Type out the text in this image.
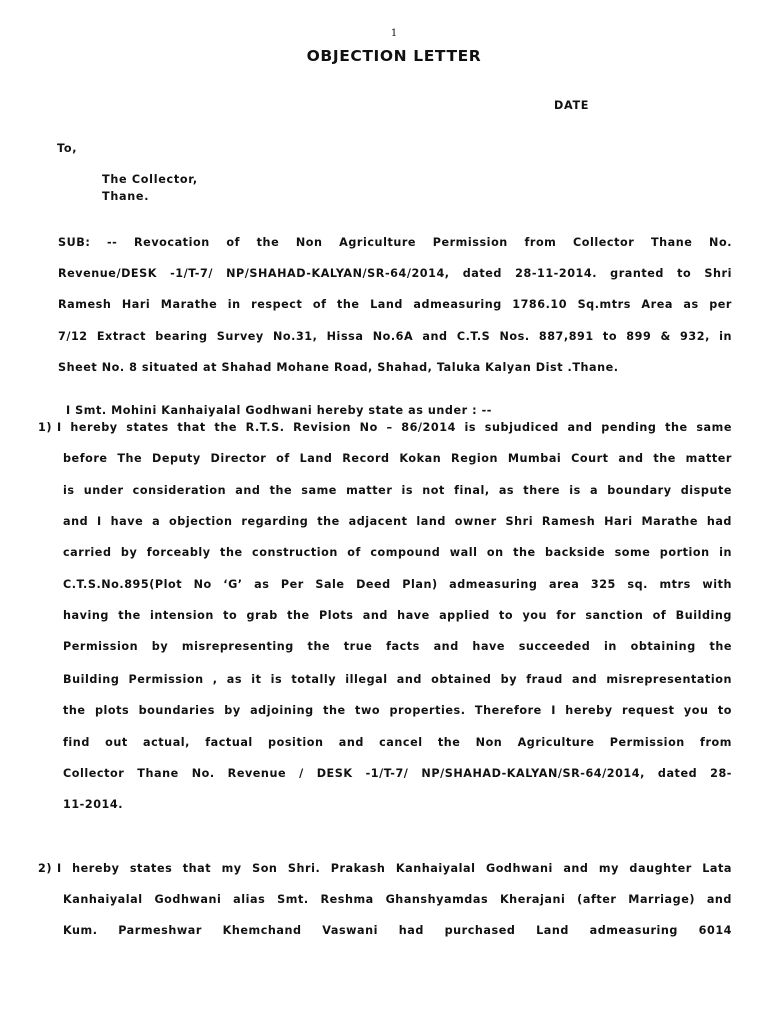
1
OBJECTION LETTER
DATE
To,
The Collector,
Thane.
SUB: -- Revocation of the Non Agriculture Permission from Collector Thane No.
Revenue/DESK -1/T-7/ NP/SHAHAD-KALYAN/SR-64/2014, dated 28-11-2014. granted to Shri
Ramesh Hari Marathe in respect of the Land admeasuring 1786.10 Sq.mtrs Area as per
7/12 Extract bearing Survey No.31, Hissa No.6A and C.T.S Nos. 887,891 to 899 & 932, in
Sheet No. 8 situated at Shahad Mohane Road, Shahad, Taluka Kalyan Dist .Thane.
I Smt. Mohini Kanhaiyalal Godhwani hereby state as under : --
1) I hereby states that the R.T.S. Revision No – 86/2014 is subjudiced and pending the same
before The Deputy Director of Land Record Kokan Region Mumbai Court and the matter
is under consideration and the same matter is not final, as there is a boundary dispute
and I have a objection regarding the adjacent land owner Shri Ramesh Hari Marathe had
carried by forceably the construction of compound wall on the backside some portion in
C.T.S.No.895(Plot No ‘G’ as Per Sale Deed Plan) admeasuring area 325 sq. mtrs with
having the intension to grab the Plots and have applied to you for sanction of Building
Permission by misrepresenting the true facts and have succeeded in obtaining the
Building Permission , as it is totally illegal and obtained by fraud and misrepresentation
the plots boundaries by adjoining the two properties. Therefore I hereby request you to
find out actual, factual position and cancel the Non Agriculture Permission from
Collector Thane No. Revenue / DESK -1/T-7/ NP/SHAHAD-KALYAN/SR-64/2014, dated 28-
11-2014.
2) I hereby states that my Son Shri. Prakash Kanhaiyalal Godhwani and my daughter Lata
Kanhaiyalal Godhwani alias Smt. Reshma Ghanshyamdas Kherajani (after Marriage) and
Kum. Parmeshwar Khemchand Vaswani had purchased Land admeasuring 6014
